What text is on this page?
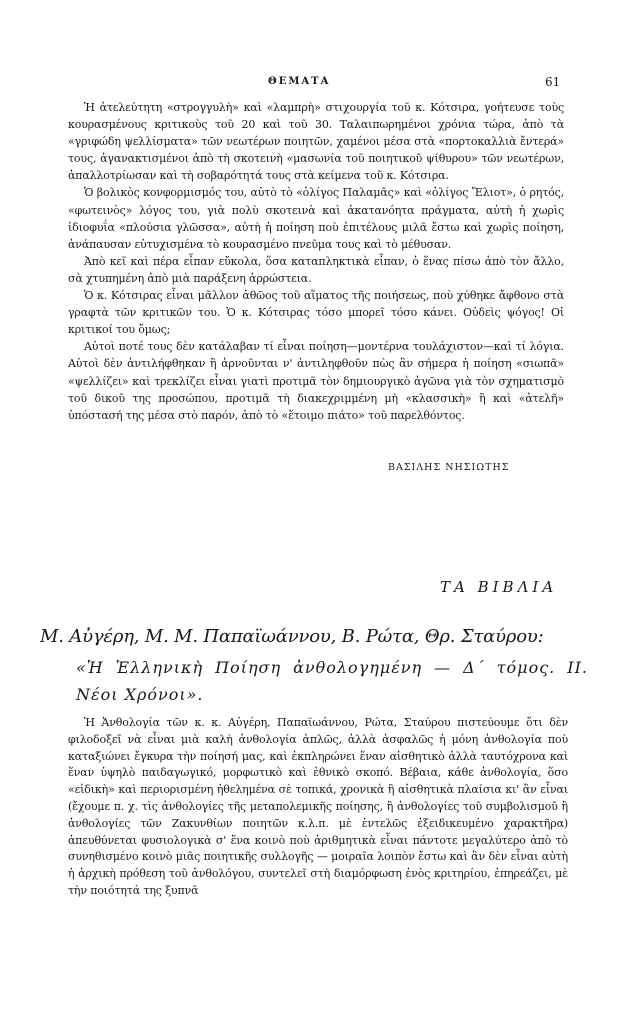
ΘΕΜΑΤΑ	61

Ἡ ἀτελεύτητη «στρογγυλὴ» καὶ «λαμπρὴ» στιχουργία τοῦ κ. Κότσιρα, γοήτευσε τοὺς κουρασμένους κριτικοὺς τοῦ 20 καὶ τοῦ 30. Ταλαιπωρημένοι χρόνια τώρα, ἀπὸ τὰ «γριφώδη ψελλίσματα» τῶν νεωτέρων ποιητῶν, χαμένοι μέσα στὰ «πορτοκαλλιὰ ἔντερά» τους, ἀγανακτισμένοι ἀπὸ τὴ σκοτεινὴ «μασωνία τοῦ ποιητικοῦ ψίθυρου» τῶν νεωτέρων, ἀπαλλοτρίωσαν καὶ τὴ σοβαρότητά τους στὰ κείμενα τοῦ κ. Κότσιρα.

Ὁ βολικὸς κονφορμισμός του, αὐτὸ τὸ «ὀλίγος Παλαμᾶς» καὶ «ὀλίγος Ἔλιοτ», ὁ ρητός, «φωτεινὸς» λόγος του, γιὰ πολὺ σκοτεινὰ καὶ ἀκατανόητα πράγματα, αὐτὴ ἡ χωρὶς ἰδιοφυΐα «πλούσια γλῶσσα», αὐτὴ ἡ ποίηση ποὺ ἐπιτέλους μιλᾶ ἔστω καὶ χωρὶς ποίηση, ἀνάπαυσαν εὐτυχισμένα τὸ κουρασμένο πνεῦμα τους καὶ τὸ μέθυσαν.

Ἀπὸ κεῖ καὶ πέρα εἶπαν εὔκολα, ὅσα καταπληκτικὰ εἶπαν, ὁ ἕνας πίσω ἀπὸ τὸν ἄλλο, σὰ χτυπημένη ἀπὸ μιὰ παράξενη ἀρρώστεια.

Ὁ κ. Κότσιρας εἶναι μᾶλλον ἀθῶος τοῦ αἵματος τῆς ποιήσεως, ποὺ χύθηκε ἄφθονο στὰ γραφτὰ τῶν κριτικῶν του. Ὁ κ. Κότσιρας τόσο μπορεῖ τόσο κάνει. Οὐδεὶς ψόγος! Οἱ κριτικοί του ὅμως;

Αὐτοὶ ποτέ τους δὲν κατάλαβαν τί εἶναι ποίηση—μοντέρνα τουλάχιστον—καὶ τί λόγια. Αὐτοὶ δὲν ἀντιλήφθηκαν ἢ ἀρνοῦνται ν' ἀντιληφθοῦν πὼς ἂν σήμερα ἡ ποίηση «σιωπᾶ» «ψελλίζει» καὶ τρεκλίζει εἶναι γιατὶ προτιμᾶ τὸν δημιουργικὸ ἀγῶνα γιὰ τὸν σχηματισμὸ τοῦ δικοῦ της προσώπου, προτιμᾶ τὴ διακεχριμμένη μὴ «κλασσικὴ» ἢ καὶ «ἀτελῆ» ὑπόστασή της μέσα στὸ παρόν, ἀπὸ τὸ «ἕτοιμο πιάτο» τοῦ παρελθόντος.

ΒΑΣΙΛΗΣ ΝΗΣΙΩΤΗΣ
ΤΑ ΒΙΒΛΙΑ
Μ. Αὐγέρη, Μ. Μ. Παπαϊωάννου, Β. Ρώτα, Θρ. Σταύρου:
«Ἡ Ἑλληνικὴ Ποίηση ἀνθολογημένη — Δ΄ τόμος. ΙΙ. Νέοι Χρόνοι».

Ἡ Ἀνθολογία τῶν κ. κ. Αὐγέρη, Παπαϊωάννου, Ρώτα, Σταύρου πιστεύουμε ὅτι δὲν φιλοδοξεῖ νὰ εἶναι μιὰ καλὴ ἀνθολογία ἁπλῶς, ἀλλὰ ἀσφαλῶς ἡ μόνη ἀνθολογία ποὺ καταξιώνει ἔγκυρα τὴν ποίησή μας, καὶ ἐκπληρώνει ἕναν αἰσθητικὸ ἀλλὰ ταυτόχρονα καὶ ἕναν ὑψηλὸ παιδαγωγικό, μορφωτικὸ καὶ ἐθνικὸ σκοπό. Βέβαια, κάθε ἀνθολογία, ὅσο «εἰδικὴ» καὶ περιορισμένη ἠθελημένα σὲ τοπικά, χρονικὰ ἢ αἰσθητικὰ πλαίσια κι' ἂν εἶναι (ἔχουμε π. χ. τὶς ἀνθολογίες τῆς μεταπολεμικῆς ποίησης, ἢ ἀνθολογίες τοῦ συμβολισμοῦ ἢ ἀνθολογίες τῶν Ζακυνθίων ποιητῶν κ.λ.π. μὲ ἐντελῶς ἐξειδικευμένο χαρακτῆρα) ἀπευθύνεται φυσιολογικὰ σ' ἕνα κοινὸ ποὺ ἀριθμητικὰ εἶναι πάντοτε μεγαλύτερο ἀπὸ τὸ συνηθισμένο κοινὸ μιᾶς ποιητικῆς συλλογῆς — μοιραῖα λοιπὸν ἔστω καὶ ἂν δὲν εἶναι αὐτὴ ἡ ἀρχικὴ πρόθεση τοῦ ἀνθολόγου, συντελεῖ στὴ διαμόρφωση ἑνὸς κριτηρίου, ἐπηρεάζει, μὲ τὴν ποιότητά της ξυπνᾶ
